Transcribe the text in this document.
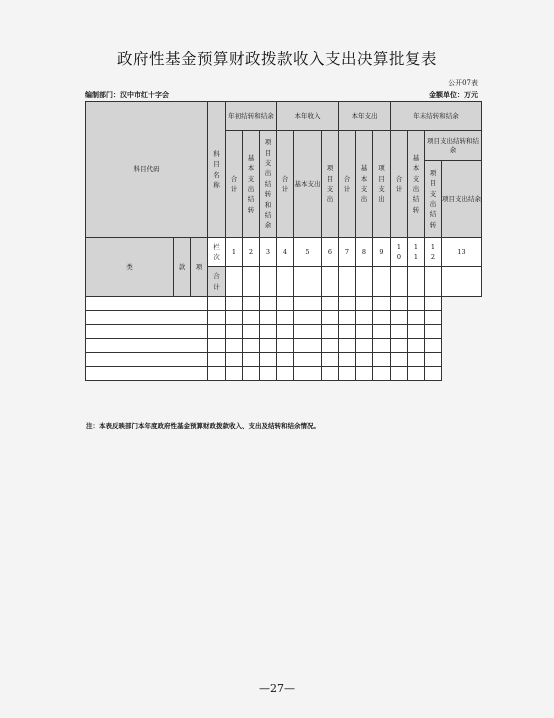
政府性基金预算财政拨款收入支出决算批复表
公开07表
编制部门：汉中市红十字会	金额单位：万元
科目代码			科目名称	年初结转和结余			本年收入			本年支出			年末结转和结余			
				合计	基本支出结转	项目支出结转和结余	合计	基本支出	项目支出	合计	基本支出	项目支出	合计	基本支出结转	项目支出结转和结余	
															项目支出结转	项目支出结余

类	款	项	栏次	1	2	3	4	5	6	7	8	9	10	11	12	13
			合计													

注：本表反映部门本年度政府性基金预算财政拨款收入、支出及结转和结余情况。
—27—
